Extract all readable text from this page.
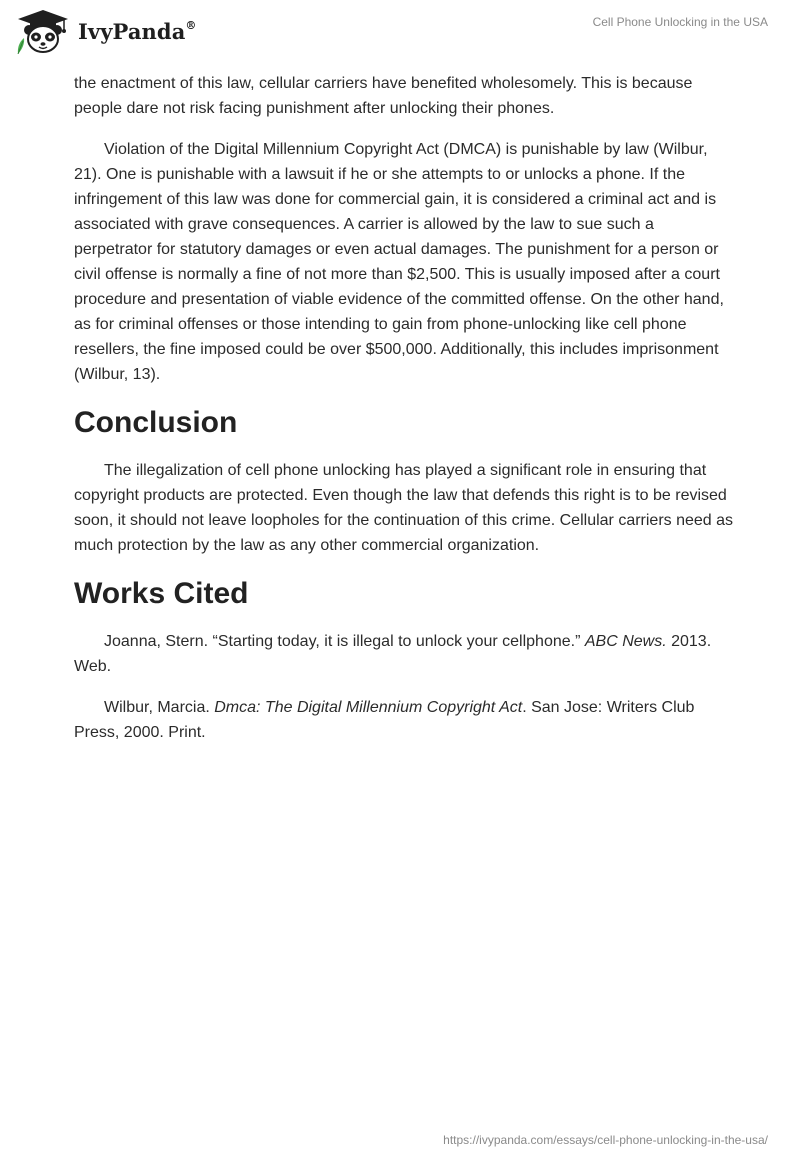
IvyPanda®	Cell Phone Unlocking in the USA

the enactment of this law, cellular carriers have benefited wholesomely. This is because people dare not risk facing punishment after unlocking their phones.

Violation of the Digital Millennium Copyright Act (DMCA) is punishable by law (Wilbur, 21). One is punishable with a lawsuit if he or she attempts to or unlocks a phone. If the infringement of this law was done for commercial gain, it is considered a criminal act and is associated with grave consequences. A carrier is allowed by the law to sue such a perpetrator for statutory damages or even actual damages. The punishment for a person or civil offense is normally a fine of not more than $2,500. This is usually imposed after a court procedure and presentation of viable evidence of the committed offense. On the other hand, as for criminal offenses or those intending to gain from phone-unlocking like cell phone resellers, the fine imposed could be over $500,000. Additionally, this includes imprisonment (Wilbur, 13).

Conclusion

The illegalization of cell phone unlocking has played a significant role in ensuring that copyright products are protected. Even though the law that defends this right is to be revised soon, it should not leave loopholes for the continuation of this crime. Cellular carriers need as much protection by the law as any other commercial organization.

Works Cited

Joanna, Stern. “Starting today, it is illegal to unlock your cellphone.” ABC News. 2013. Web.

Wilbur, Marcia. Dmca: The Digital Millennium Copyright Act. San Jose: Writers Club Press, 2000. Print.

https://ivypanda.com/essays/cell-phone-unlocking-in-the-usa/
